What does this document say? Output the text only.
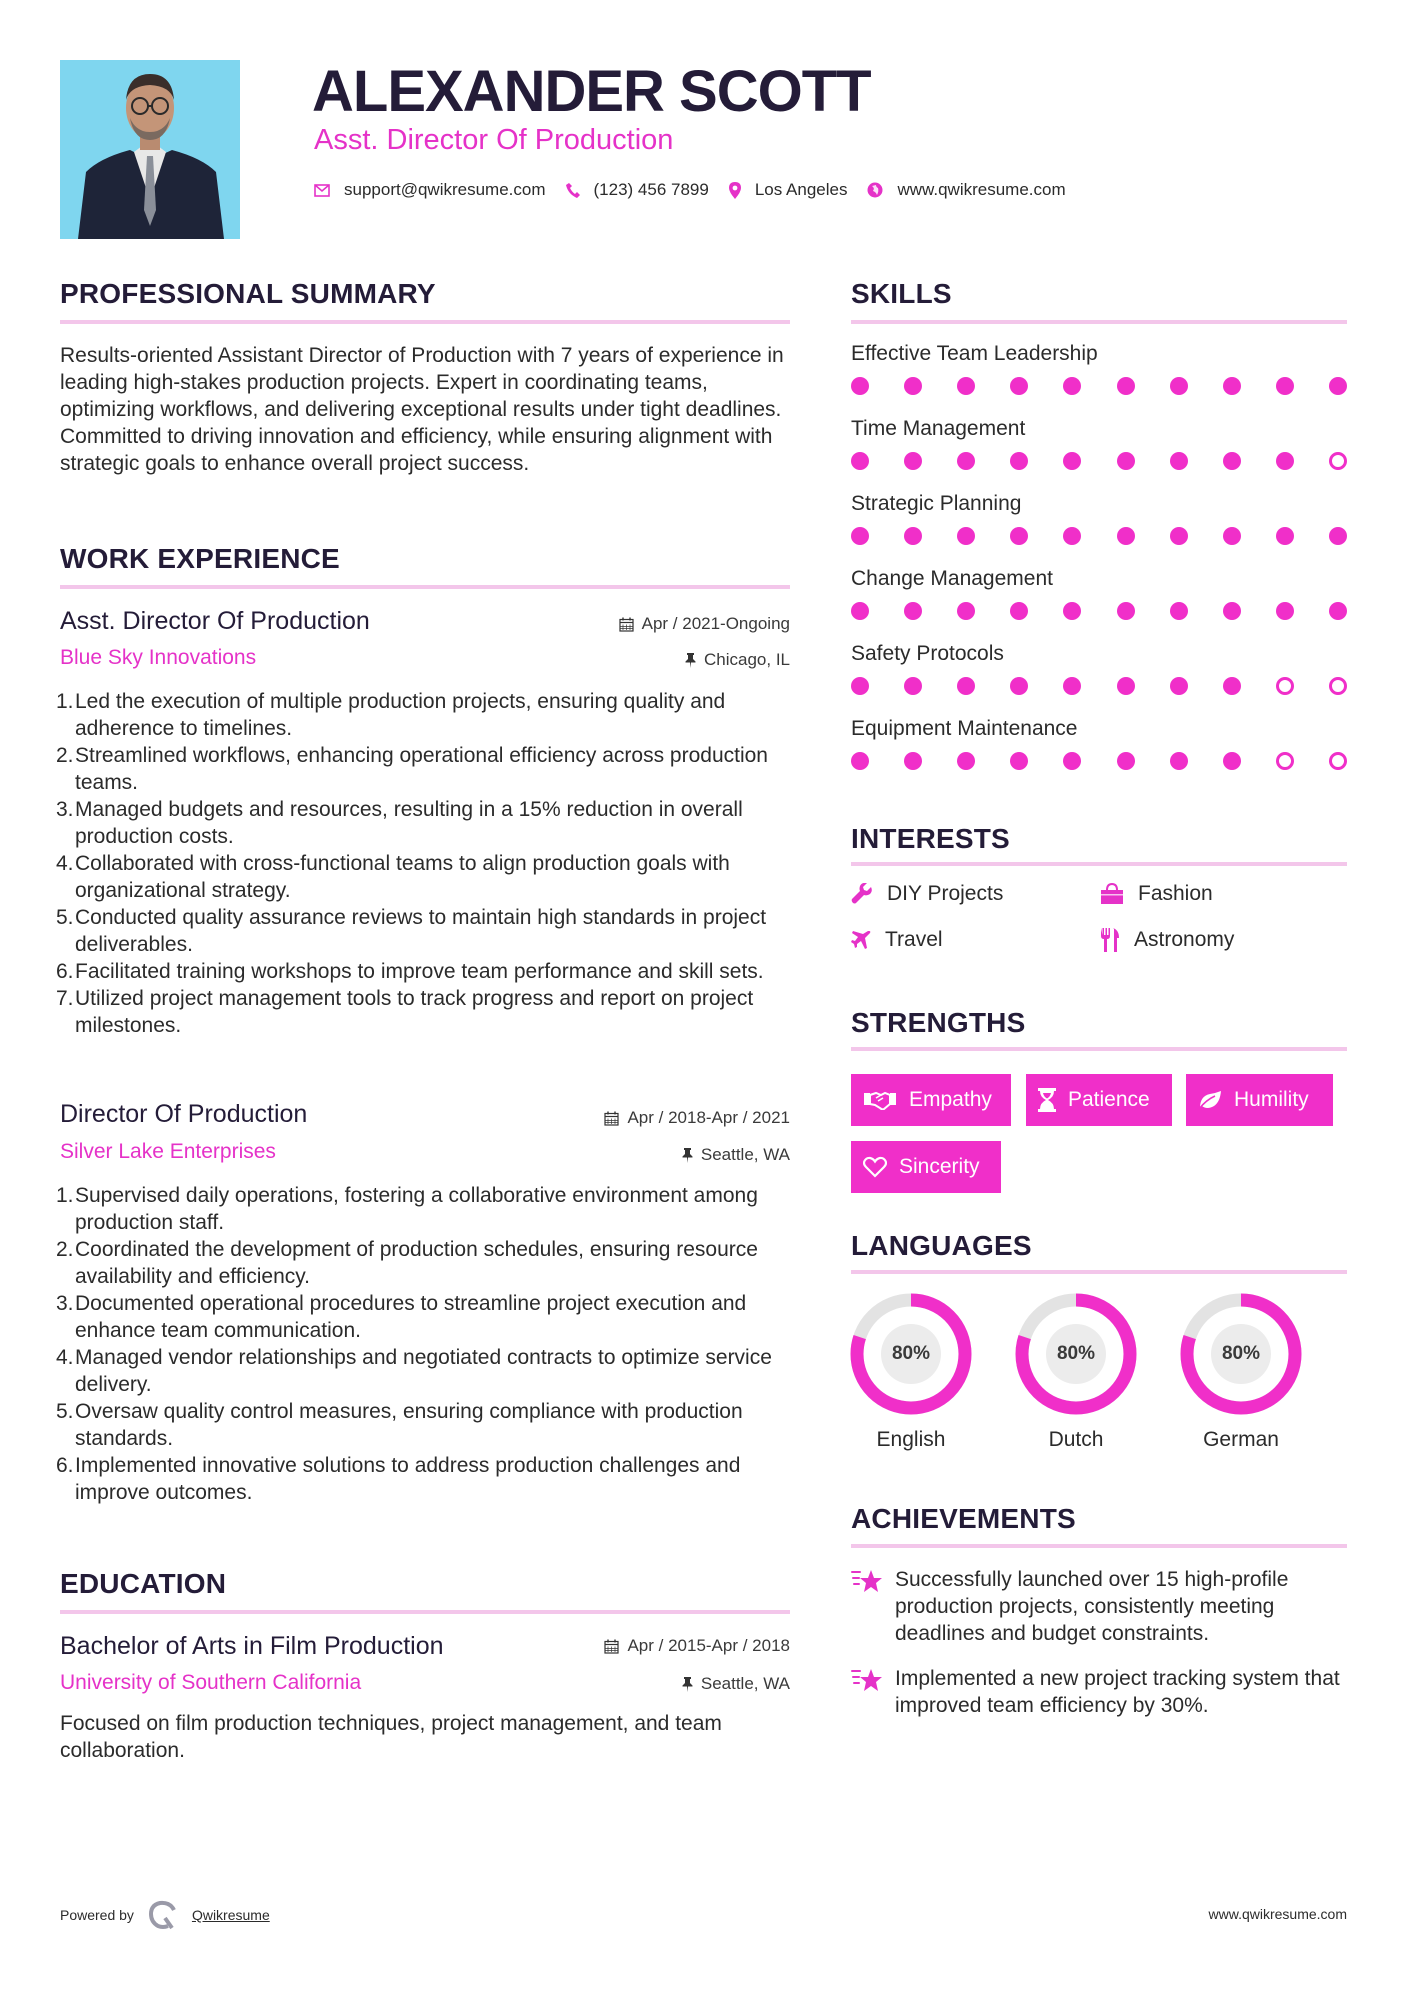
ALEXANDER SCOTT
Asst. Director Of Production
support@qwikresume.com	(123) 456 7899	Los Angeles	www.qwikresume.com
PROFESSIONAL SUMMARY
Results-oriented Assistant Director of Production with 7 years of experience in leading high-stakes production projects. Expert in coordinating teams, optimizing workflows, and delivering exceptional results under tight deadlines. Committed to driving innovation and efficiency, while ensuring alignment with strategic goals to enhance overall project success.
WORK EXPERIENCE
Asst. Director Of Production	Apr / 2021-Ongoing
Blue Sky Innovations	Chicago, IL
1. Led the execution of multiple production projects, ensuring quality and adherence to timelines.
2. Streamlined workflows, enhancing operational efficiency across production teams.
3. Managed budgets and resources, resulting in a 15% reduction in overall production costs.
4. Collaborated with cross-functional teams to align production goals with organizational strategy.
5. Conducted quality assurance reviews to maintain high standards in project deliverables.
6. Facilitated training workshops to improve team performance and skill sets.
7. Utilized project management tools to track progress and report on project milestones.
Director Of Production	Apr / 2018-Apr / 2021
Silver Lake Enterprises	Seattle, WA
1. Supervised daily operations, fostering a collaborative environment among production staff.
2. Coordinated the development of production schedules, ensuring resource availability and efficiency.
3. Documented operational procedures to streamline project execution and enhance team communication.
4. Managed vendor relationships and negotiated contracts to optimize service delivery.
5. Oversaw quality control measures, ensuring compliance with production standards.
6. Implemented innovative solutions to address production challenges and improve outcomes.
EDUCATION
Bachelor of Arts in Film Production	Apr / 2015-Apr / 2018
University of Southern California	Seattle, WA
Focused on film production techniques, project management, and team collaboration.
SKILLS
Effective Team Leadership
Time Management
Strategic Planning
Change Management
Safety Protocols
Equipment Maintenance
INTERESTS
DIY Projects	Fashion
Travel	Astronomy
STRENGTHS
Empathy	Patience	Humility
Sincerity
LANGUAGES
80%
English
80%
Dutch
80%
German
ACHIEVEMENTS
Successfully launched over 15 high-profile production projects, consistently meeting deadlines and budget constraints.
Implemented a new project tracking system that improved team efficiency by 30%.
Powered by	Qwikresume	www.qwikresume.com
